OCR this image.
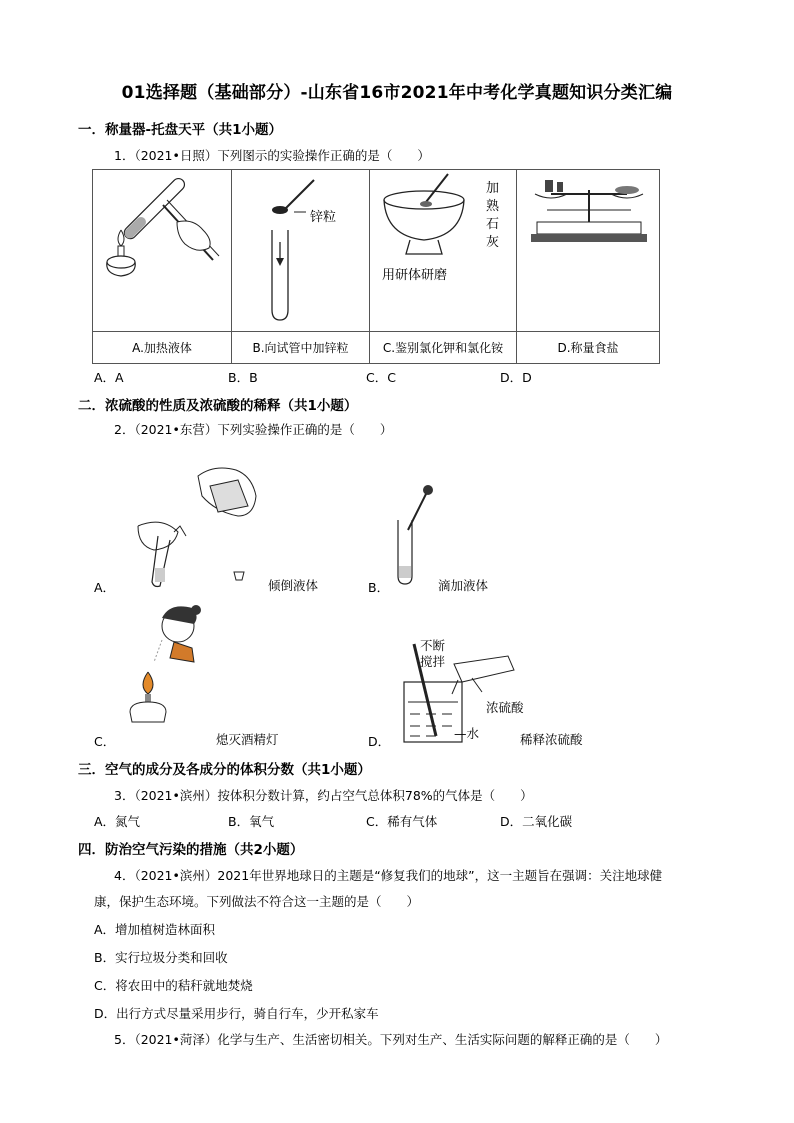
01选择题（基础部分）-山东省16市2021年中考化学真题知识分类汇编
一．称量器-托盘天平（共1小题）
1．（2021•日照）下列图示的实验操作正确的是（　　）

锌粒	加
熟
石
灰
用研体研磨

A.加热液体	B.向试管中加锌粒	C.鉴别氯化钾和氯化铵	D.称量食盐
A．A	B．B	C．C	D．D
二．浓硫酸的性质及浓硫酸的稀释（共1小题）
2．（2021•东营）下列实验操作正确的是（　　）
A．	倾倒液体	B．	滴加液体
C．	熄灭酒精灯
不断
搅拌
浓硫酸
—水
D．	稀释浓硫酸
三．空气的成分及各成分的体积分数（共1小题）
3．（2021•滨州）按体积分数计算，约占空气总体积78%的气体是（　　）
A．氮气	B．氧气	C．稀有气体	D．二氧化碳
四．防治空气污染的措施（共2小题）
4．（2021•滨州）2021年世界地球日的主题是“修复我们的地球”，这一主题旨在强调：关注地球健
康，保护生态环境。下列做法不符合这一主题的是（　　）
A．增加植树造林面积
B．实行垃圾分类和回收
C．将农田中的秸秆就地焚烧
D．出行方式尽量采用步行，骑自行车，少开私家车
5．（2021•菏泽）化学与生产、生活密切相关。下列对生产、生活实际问题的解释正确的是（　　）
